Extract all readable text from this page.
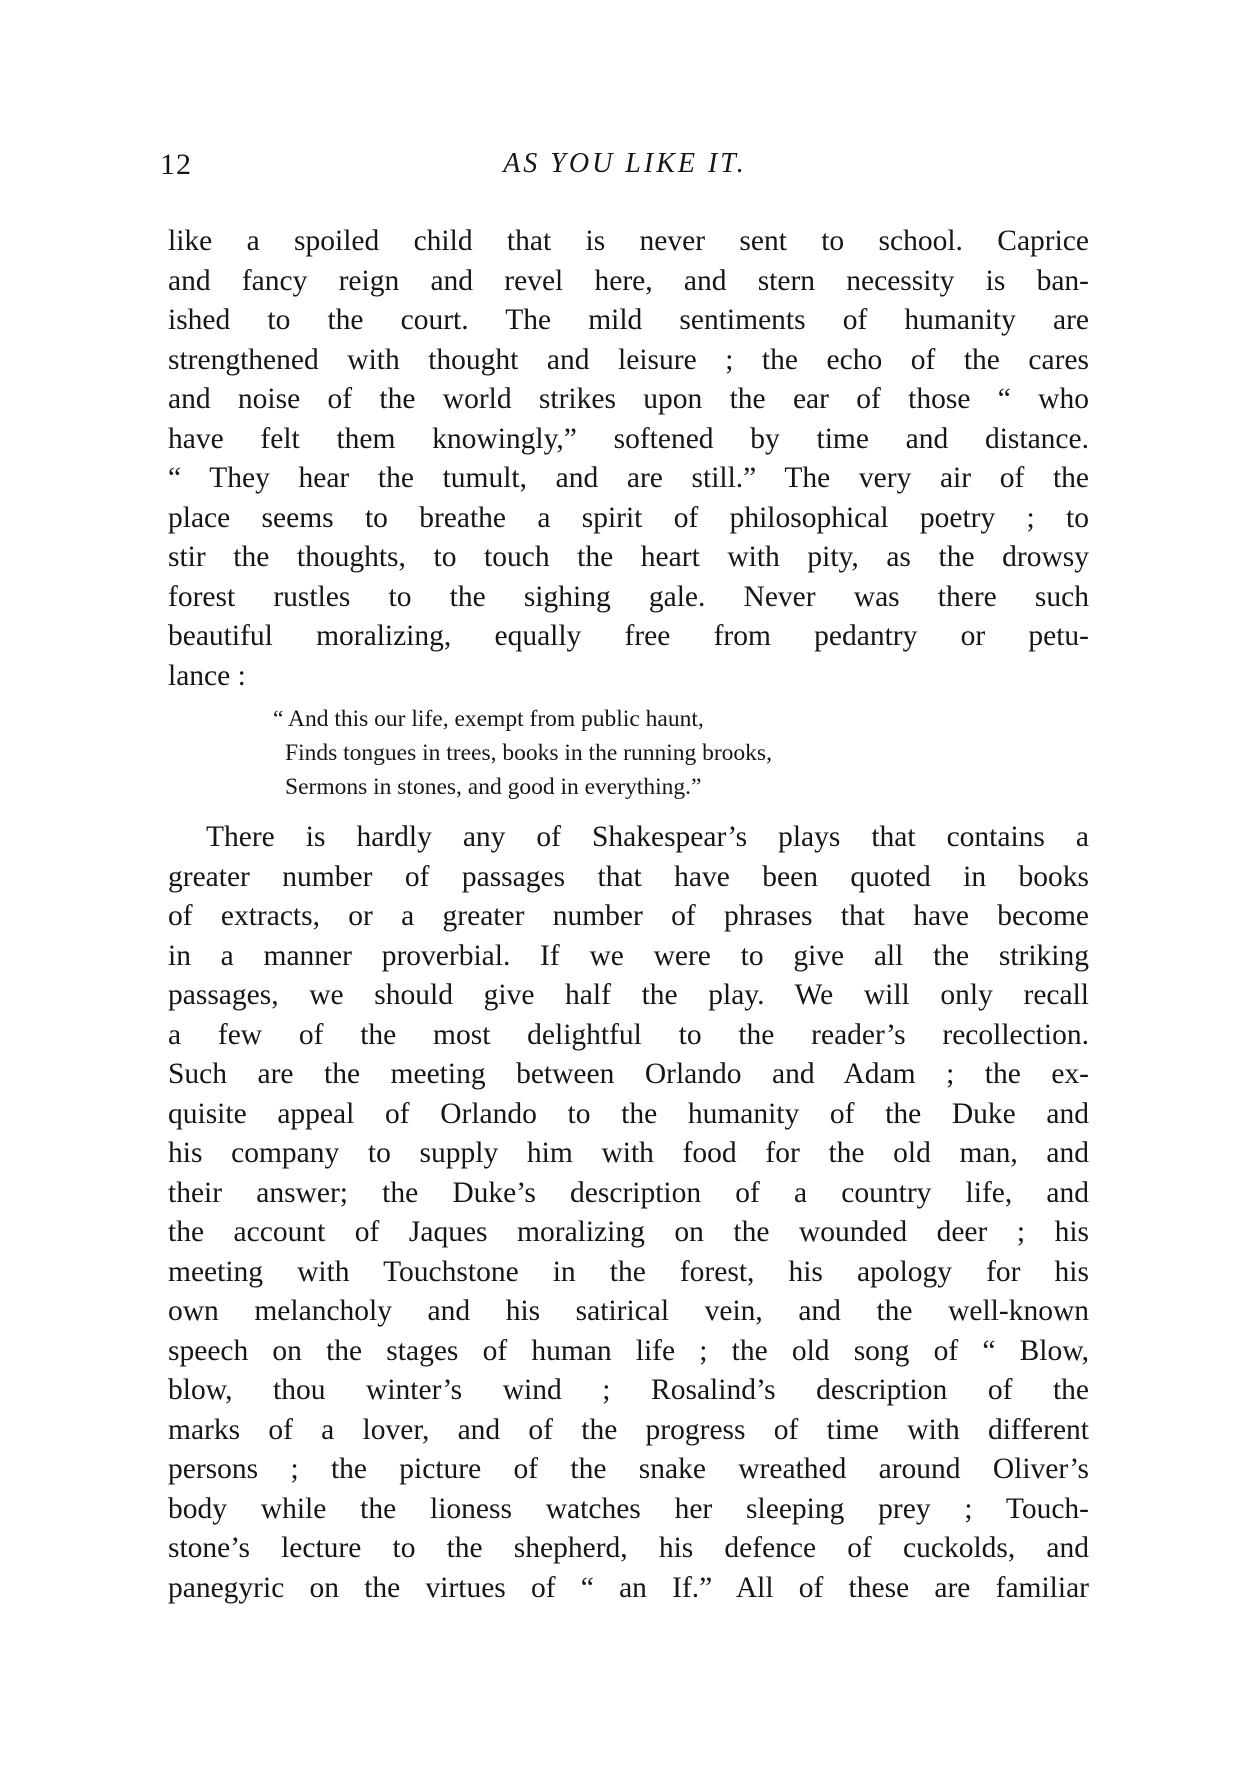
12	AS YOU LIKE IT.
like a spoiled child that is never sent to school. Caprice
and fancy reign and revel here, and stern necessity is ban-
ished to the court. The mild sentiments of humanity are
strengthened with thought and leisure ; the echo of the cares
and noise of the world strikes upon the ear of those “ who
have felt them knowingly,” softened by time and distance.
“ They hear the tumult, and are still.” The very air of the
place seems to breathe a spirit of philosophical poetry ; to
stir the thoughts, to touch the heart with pity, as the drowsy
forest rustles to the sighing gale. Never was there such
beautiful moralizing, equally free from pedantry or petu-
lance :
“ And this our life, exempt from public haunt,
Finds tongues in trees, books in the running brooks,
Sermons in stones, and good in everything.”
There is hardly any of Shakespear’s plays that contains a
greater number of passages that have been quoted in books
of extracts, or a greater number of phrases that have become
in a manner proverbial. If we were to give all the striking
passages, we should give half the play. We will only recall
a few of the most delightful to the reader’s recollection.
Such are the meeting between Orlando and Adam ; the ex-
quisite appeal of Orlando to the humanity of the Duke and
his company to supply him with food for the old man, and
their answer; the Duke’s description of a country life, and
the account of Jaques moralizing on the wounded deer ; his
meeting with Touchstone in the forest, his apology for his
own melancholy and his satirical vein, and the well-known
speech on the stages of human life ; the old song of “ Blow,
blow, thou winter’s wind ; Rosalind’s description of the
marks of a lover, and of the progress of time with different
persons ; the picture of the snake wreathed around Oliver’s
body while the lioness watches her sleeping prey ; Touch-
stone’s lecture to the shepherd, his defence of cuckolds, and
panegyric on the virtues of “ an If.” All of these are familiar
